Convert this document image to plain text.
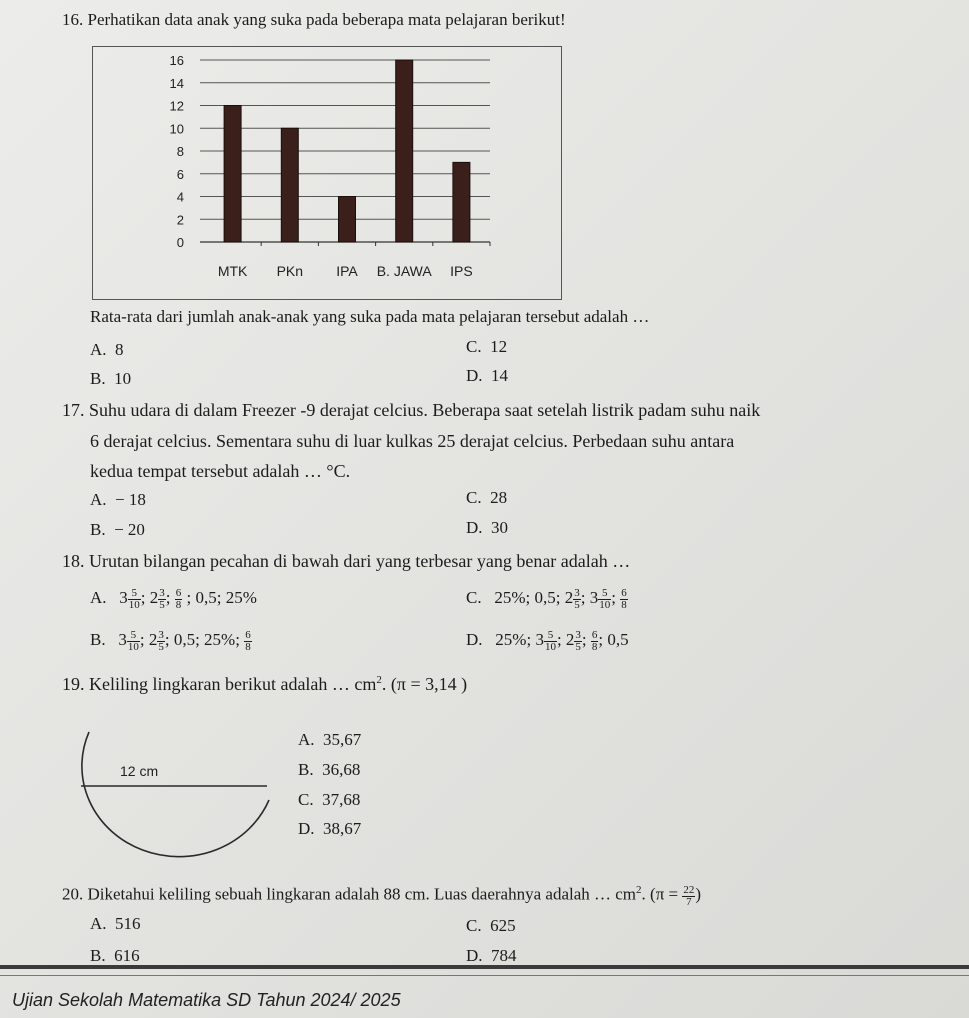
16. Perhatikan data anak yang suka pada beberapa mata pelajaran berikut!
0
2
4
6
8
10
12
14
16
MTK PKn IPA B. JAWA IPS
Rata-rata dari jumlah anak-anak yang suka pada mata pelajaran tersebut adalah …
A. 8	C. 12
B. 10	D. 14
17. Suhu udara di dalam Freezer -9 derajat celcius. Beberapa saat setelah listrik padam suhu naik
6 derajat celcius. Sementara suhu di luar kulkas 25 derajat celcius. Perbedaan suhu antara
kedua tempat tersebut adalah … °C.
A. − 18	C. 28
B. − 20	D. 30
18. Urutan bilangan pecahan di bawah dari yang terbesar yang benar adalah …
A. $3 \frac{5}{10}$ ; $2 \frac{3}{5}$ ; $\frac{6}{8}$ ; 0,5; 25%	C. 25%; 0,5; $2 \frac{3}{5}$ ; $3 \frac{5}{10}$ ; $\frac{6}{8}$
B. $3 \frac{5}{10}$ ; $2 \frac{3}{5}$ ; 0,5; 25%; $\frac{6}{8}$	D. 25%; $3 \frac{5}{10}$ ; $2 \frac{3}{5}$ ; $\frac{6}{8}$ ; 0,5
19. Keliling lingkaran berikut adalah … $cm^2$. (π = 3,14 )
12 cm
A. 35,67
B. 36,68
C. 37,68
D. 38,67
20. Diketahui keliling sebuah lingkaran adalah 88 cm. Luas daerahnya adalah … $cm^2$. ($\pi = \frac{22}{7}$ )
A. 516	C. 625
B. 616	D. 784
Ujian Sekolah Matematika SD Tahun 2024/ 2025
